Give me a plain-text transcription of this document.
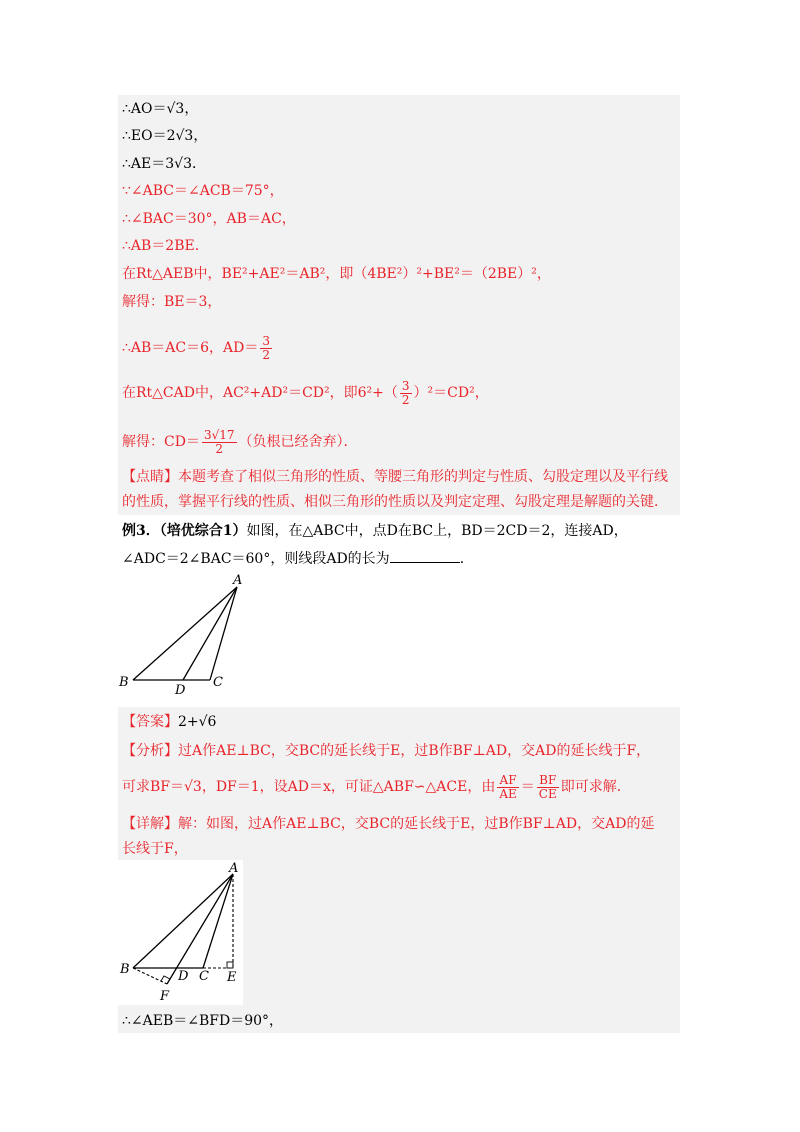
∴AO＝√3，
∴EO＝2√3，
∴AE＝3√3．
∵∠ABC＝∠ACB＝75°，
∴∠BAC＝30°，AB＝AC，
∴AB＝2BE．
在Rt△AEB中，BE²+AE²＝AB²，即（4BE²）²+BE²＝（2BE）²，
解得：BE＝3，
∴AB＝AC＝6，$AD= \frac{3}{2}$
在Rt△CAD中，AC²+AD²＝CD²，即$6^2+( \frac{3}{2} )^2=CD^2$，
解得：$CD= \frac{3√17}{2}$ （负根已经舍弃）．
【点睛】本题考查了相似三角形的性质、等腰三角形的判定与性质、勾股定理以及平行线
的性质，掌握平行线的性质、相似三角形的性质以及判定定理、勾股定理是解题的关键．
例3．（培优综合1）如图，在△ABC中，点D在BC上，BD＝2CD＝2，连接AD，
∠ADC＝2∠BAC＝60°，则线段AD的长为	．
A
B
D
C
【答案】2+√6
【分析】过A作AE⊥BC，交BC的延长线于E，过B作BF⊥AD，交AD的延长线于F，
可求BF＝√3，DF＝1，设AD＝x，可证△ABF∽△ACE，由 $\frac{AF}{AE} = \frac{BF}{CE}$ 即可求解．
【详解】解：如图，过A作AE⊥BC，交BC的延长线于E，过B作BF⊥AD，交AD的延
长线于F，
A
B	D C E
F
∴∠AEB＝∠BFD＝90°，
